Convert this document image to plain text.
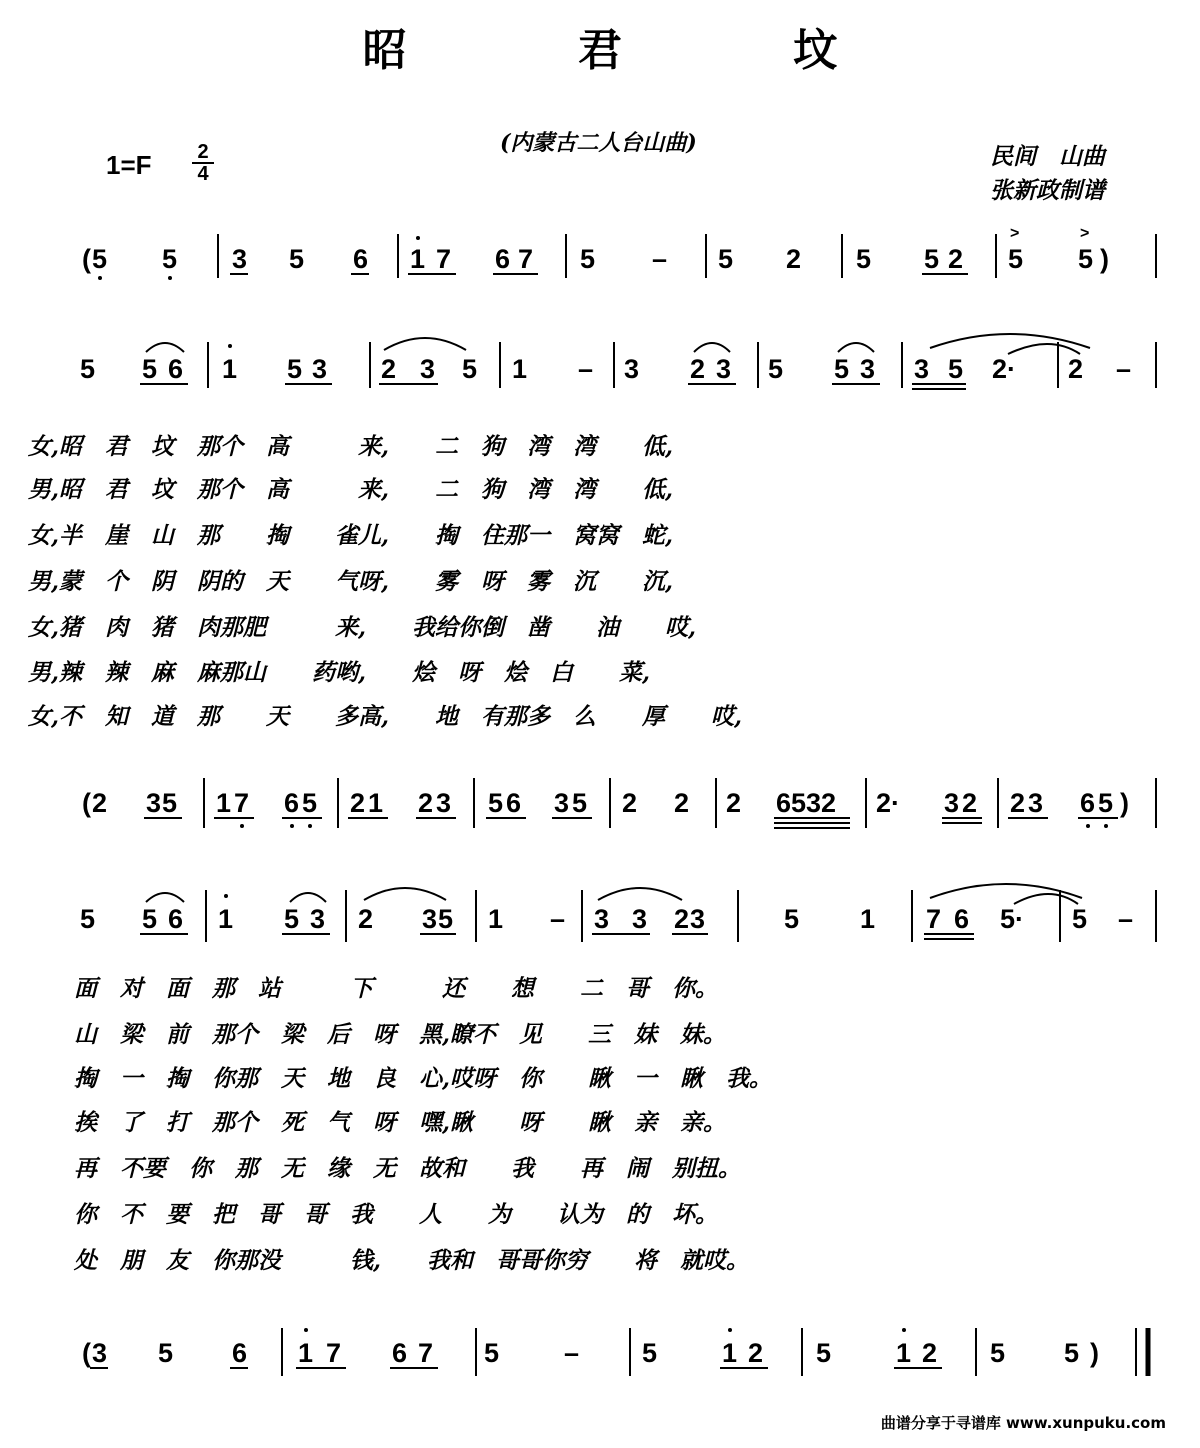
昭 君 坟
(内蒙古二人台山曲)
1=F 2
4
民间　山曲
张新政制谱
( 5 5 3 5 6 1 7 6 7 5 – 5 2 5 5 2 5
>
5
>
)
5 5 6 1 5 3 2 3 5 1 – 3 2 3 5 5 3 3 5 2· 2 –
女,昭　君　坟　那个　高　　　来,　　二　狗　湾　湾　　低,
男,昭　君　坟　那个　高　　　来,　　二　狗　湾　湾　　低,
女,半　崖　山　那　　掏　　雀儿,　　掏　住那一　窝窝　蛇,
男,蒙　个　阴　阴的　天　　气呀,　　雾　呀　雾　沉　　沉,
女,猪　肉　猪　肉那肥　　　来,　　我给你倒　凿　　油　　哎,
男,辣　辣　麻　麻那山　　药哟,　　烩　呀　烩　白　　菜,
女,不　知　道　那　　天　　多高,　　地　有那多　么　　厚　　哎,
( 2 3 5 1 7 6 5 2 1 2 3 5 6 3 5 2 2 2 6532 2· 3 2 2 3 6 5 )
5 5 6 1 5 3 2 3 5 1 – 3 3 2 3	5 1 7 6 5· 5 –
面　对　面　那　站　　　下　　　还　　想　　二　哥　你。
山　梁　前　那个　梁　后　呀　黑,瞭不　见　　三　妹　妹。
掏　一　掏　你那　天　地　良　心,哎呀　你　　瞅　一　瞅　我。
挨　了　打　那个　死　气　呀　嘿,瞅　　呀　　瞅　亲　亲。
再　不要　你　那　无　缘　无　故和　　我　　再　闹　别扭。
你　不　要　把　哥　哥　我　　人　　为　　认为　的　坏。
处　朋　友　你那没　　　钱,　　我和　哥哥你穷　　将　就哎。
( 3 5 6 1 7 6 7 5 – 5 1 2 5 1 2 5 5 )
曲谱分享于寻谱库 www.xunpuku.com
